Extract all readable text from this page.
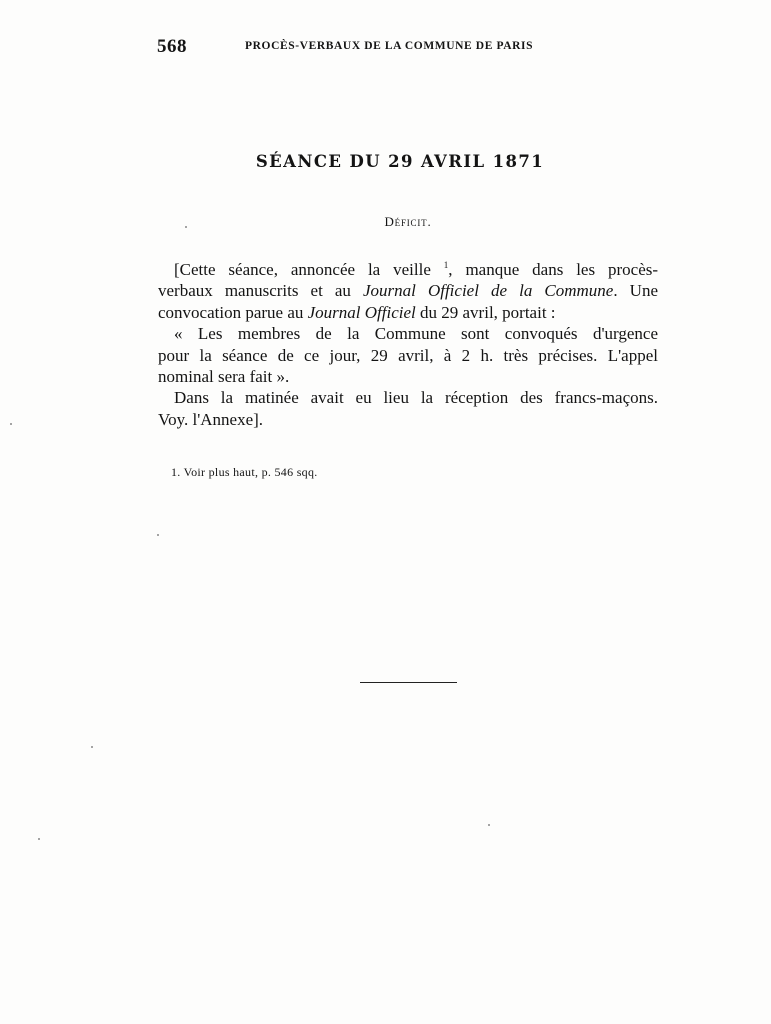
568	PROCÈS-VERBAUX DE LA COMMUNE DE PARIS
SÉANCE DU 29 AVRIL 1871
Déficit.
[Cette séance, annoncée la veille $^1$, manque dans les procès-
verbaux manuscrits et au Journal Officiel de la Commune. Une
convocation parue au Journal Officiel du 29 avril, portait :
« Les membres de la Commune sont convoqués d'urgence
pour la séance de ce jour, 29 avril, à 2 h. très précises. L'appel
nominal sera fait ».
Dans la matinée avait eu lieu la réception des francs-maçons.
Voy. l'Annexe].
1. Voir plus haut, p. 546 sqq.
